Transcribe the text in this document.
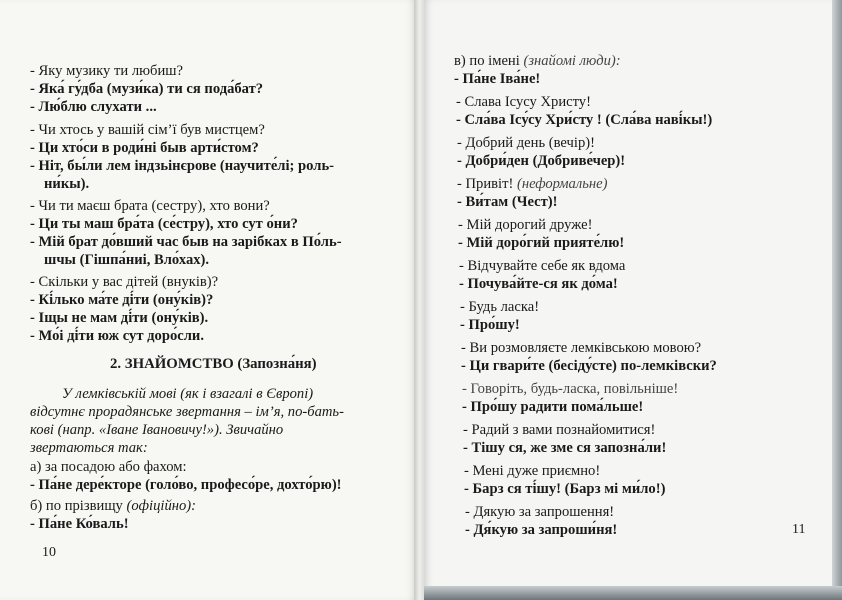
- Яку музику ти любиш?
- Яка́ гу́дба (музи́ка) ти ся пода́бат?
- Лю́блю слухати ...
- Чи хтось у вашій сім’ї був мистцем?
- Ци хто́си в роди́ні быв арти́стом?
- Ніт, бы́ли лем індзьінєрове (научите́лі; роль-
ни́кы).
- Чи ти маєш брата (сестру), хто вони?
- Ци ты маш бра́та (се́стру), хто сут о́ни?
- Мій брат до́вший час быв на зарібках в По́ль-
шчы (Гішпа́ниі, Вло́хах).
- Скільки у вас дітей (внуків)?
- Кі́лько ма́те ді́ти (ону́ків)?
- Іщы не мам ді́ти (ону́ків).
- Мо́і ді́ти юж сут доро́сли.
2. ЗНАЙОМСТВО (Запозна́ня)
У лемківській мові (як і взагалі в Європі)
відсутнє прорадянське звертання – ім’я, по-бать-
кові (напр. «Іване Івановичу!»). Звичайно
звертаються так:
а) за посадою або фахом:
- Па́не дере́кторе (голо́во, професо́ре, дохто́рю)!
б) по прізвищу (офіційно):
- Па́не Ко́валь!
10
в) по імені (знайомі люди):
- Па́не Іва́не!
- Слава Ісусу Христу!
- Сла́ва Ісу́су Хри́сту ! (Сла́ва наві́кы!)
- Добрий день (вечір)!
- Добри́ден (Добриве́чер)!
- Привіт! (неформальне)
- Ви́там (Чест)!
- Мій дорогий друже!
- Мій доро́гий прияте́лю!
- Відчувайте себе як вдома
- Почува́йте-ся як до́ма!
- Будь ласка!
- Про́шу!
- Ви розмовляєте лемківською мовою?
- Ци гвари́те (бесіду́сте) по-лемківски?
- Говоріть, будь-ласка, повільніше!
- Про́шу радити пома́льше!
- Радий з вами познайомитися!
- Тішу ся, же зме ся запозна́ли!
- Мені дуже приємно!
- Барз ся ті́шу! (Барз мі ми́ло!)
- Дякую за запрошення!
- Дя́кую за запроши́ня!	11
